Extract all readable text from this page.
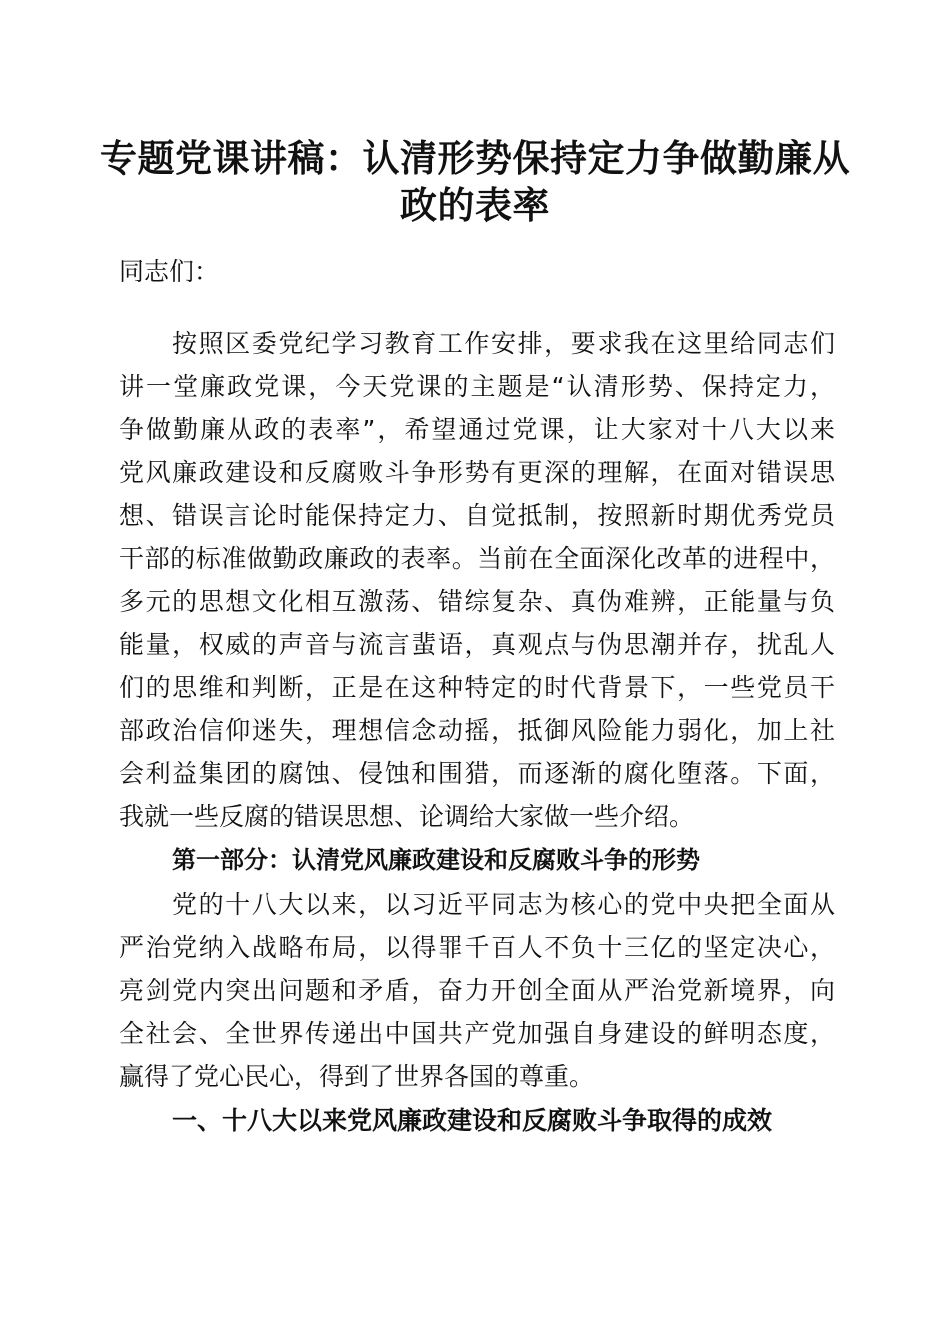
专题党课讲稿：认清形势保持定力争做勤廉从
政的表率
同志们：
按照区委党纪学习教育工作安排，要求我在这里给同志们
讲一堂廉政党课，今天党课的主题是“认清形势、保持定力，
争做勤廉从政的表率”，希望通过党课，让大家对十八大以来
党风廉政建设和反腐败斗争形势有更深的理解，在面对错误思
想、错误言论时能保持定力、自觉抵制，按照新时期优秀党员
干部的标准做勤政廉政的表率。当前在全面深化改革的进程中，
多元的思想文化相互激荡、错综复杂、真伪难辨，正能量与负
能量，权威的声音与流言蜚语，真观点与伪思潮并存，扰乱人
们的思维和判断，正是在这种特定的时代背景下，一些党员干
部政治信仰迷失，理想信念动摇，抵御风险能力弱化，加上社
会利益集团的腐蚀、侵蚀和围猎，而逐渐的腐化堕落。下面，
我就一些反腐的错误思想、论调给大家做一些介绍。
第一部分：认清党风廉政建设和反腐败斗争的形势
党的十八大以来，以习近平同志为核心的党中央把全面从
严治党纳入战略布局，以得罪千百人不负十三亿的坚定决心，
亮剑党内突出问题和矛盾，奋力开创全面从严治党新境界，向
全社会、全世界传递出中国共产党加强自身建设的鲜明态度，
赢得了党心民心，得到了世界各国的尊重。
一、十八大以来党风廉政建设和反腐败斗争取得的成效
